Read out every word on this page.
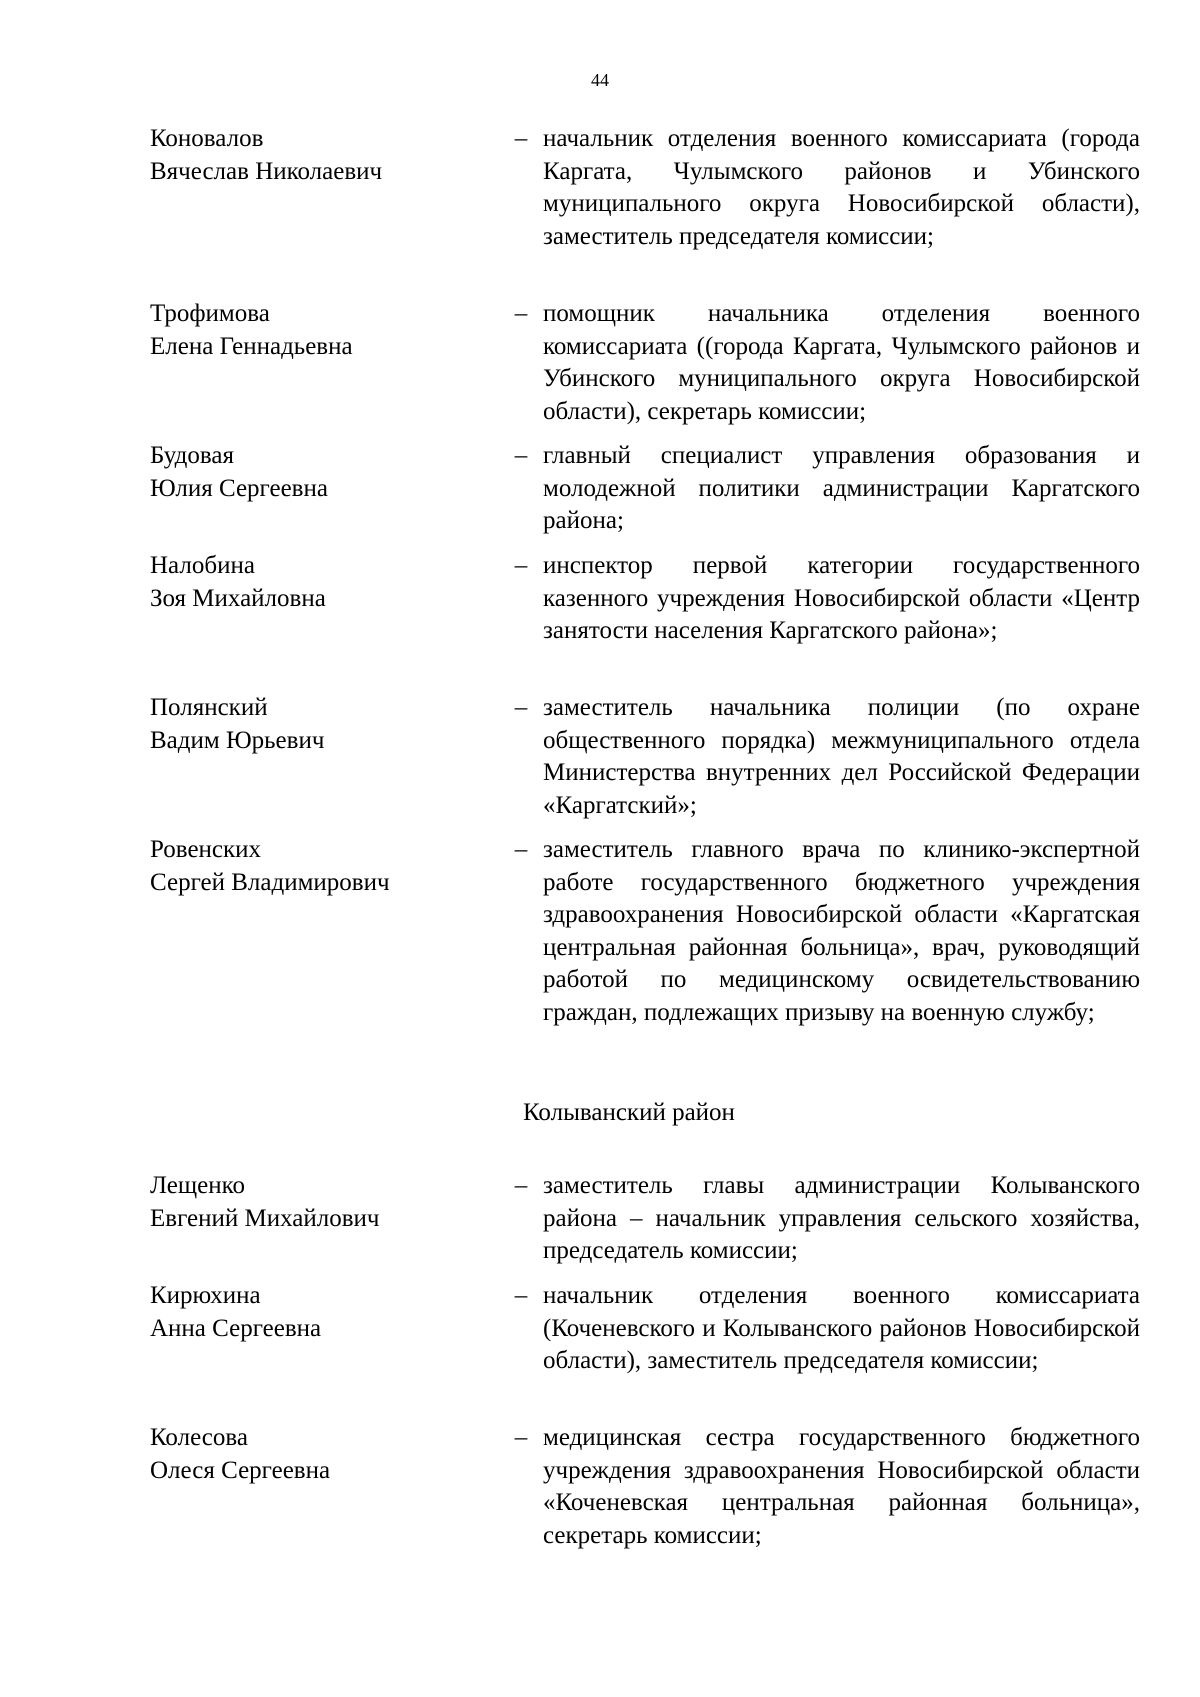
44
Коновалов
Вячеслав Николаевич
– начальник отделения военного комиссариата (города Каргата, Чулымского районов и Убинского муниципального округа Новосибирской области), заместитель председателя комиссии;
Трофимова
Елена Геннадьевна
– помощник начальника отделения военного комиссариата ((города Каргата, Чулымского районов и Убинского муниципального округа Новосибирской области), секретарь комиссии;
Будовая
Юлия Сергеевна
– главный специалист управления образования и молодежной политики администрации Каргатского района;
Налобина
Зоя Михайловна
– инспектор первой категории государственного казенного учреждения Новосибирской области «Центр занятости населения Каргатского района»;
Полянский
Вадим Юрьевич
– заместитель начальника полиции (по охране общественного порядка) межмуниципального отдела Министерства внутренних дел Российской Федерации «Каргатский»;
Ровенских
Сергей Владимирович
– заместитель главного врача по клинико-экспертной работе государственного бюджетного учреждения здравоохранения Новосибирской области «Каргатская центральная районная больница», врач, руководящий работой по медицинскому освидетельствованию граждан, подлежащих призыву на военную службу;
Колыванский район
Лещенко
Евгений Михайлович
– заместитель главы администрации Колыванского района – начальник управления сельского хозяйства, председатель комиссии;
Кирюхина
Анна Сергеевна
– начальник отделения военного комиссариата (Коченевского и Колыванского районов Новосибирской области), заместитель председателя комиссии;
Колесова
Олеся Сергеевна
– медицинская сестра государственного бюджетного учреждения здравоохранения Новосибирской области «Коченевская центральная районная больница», секретарь комиссии;
